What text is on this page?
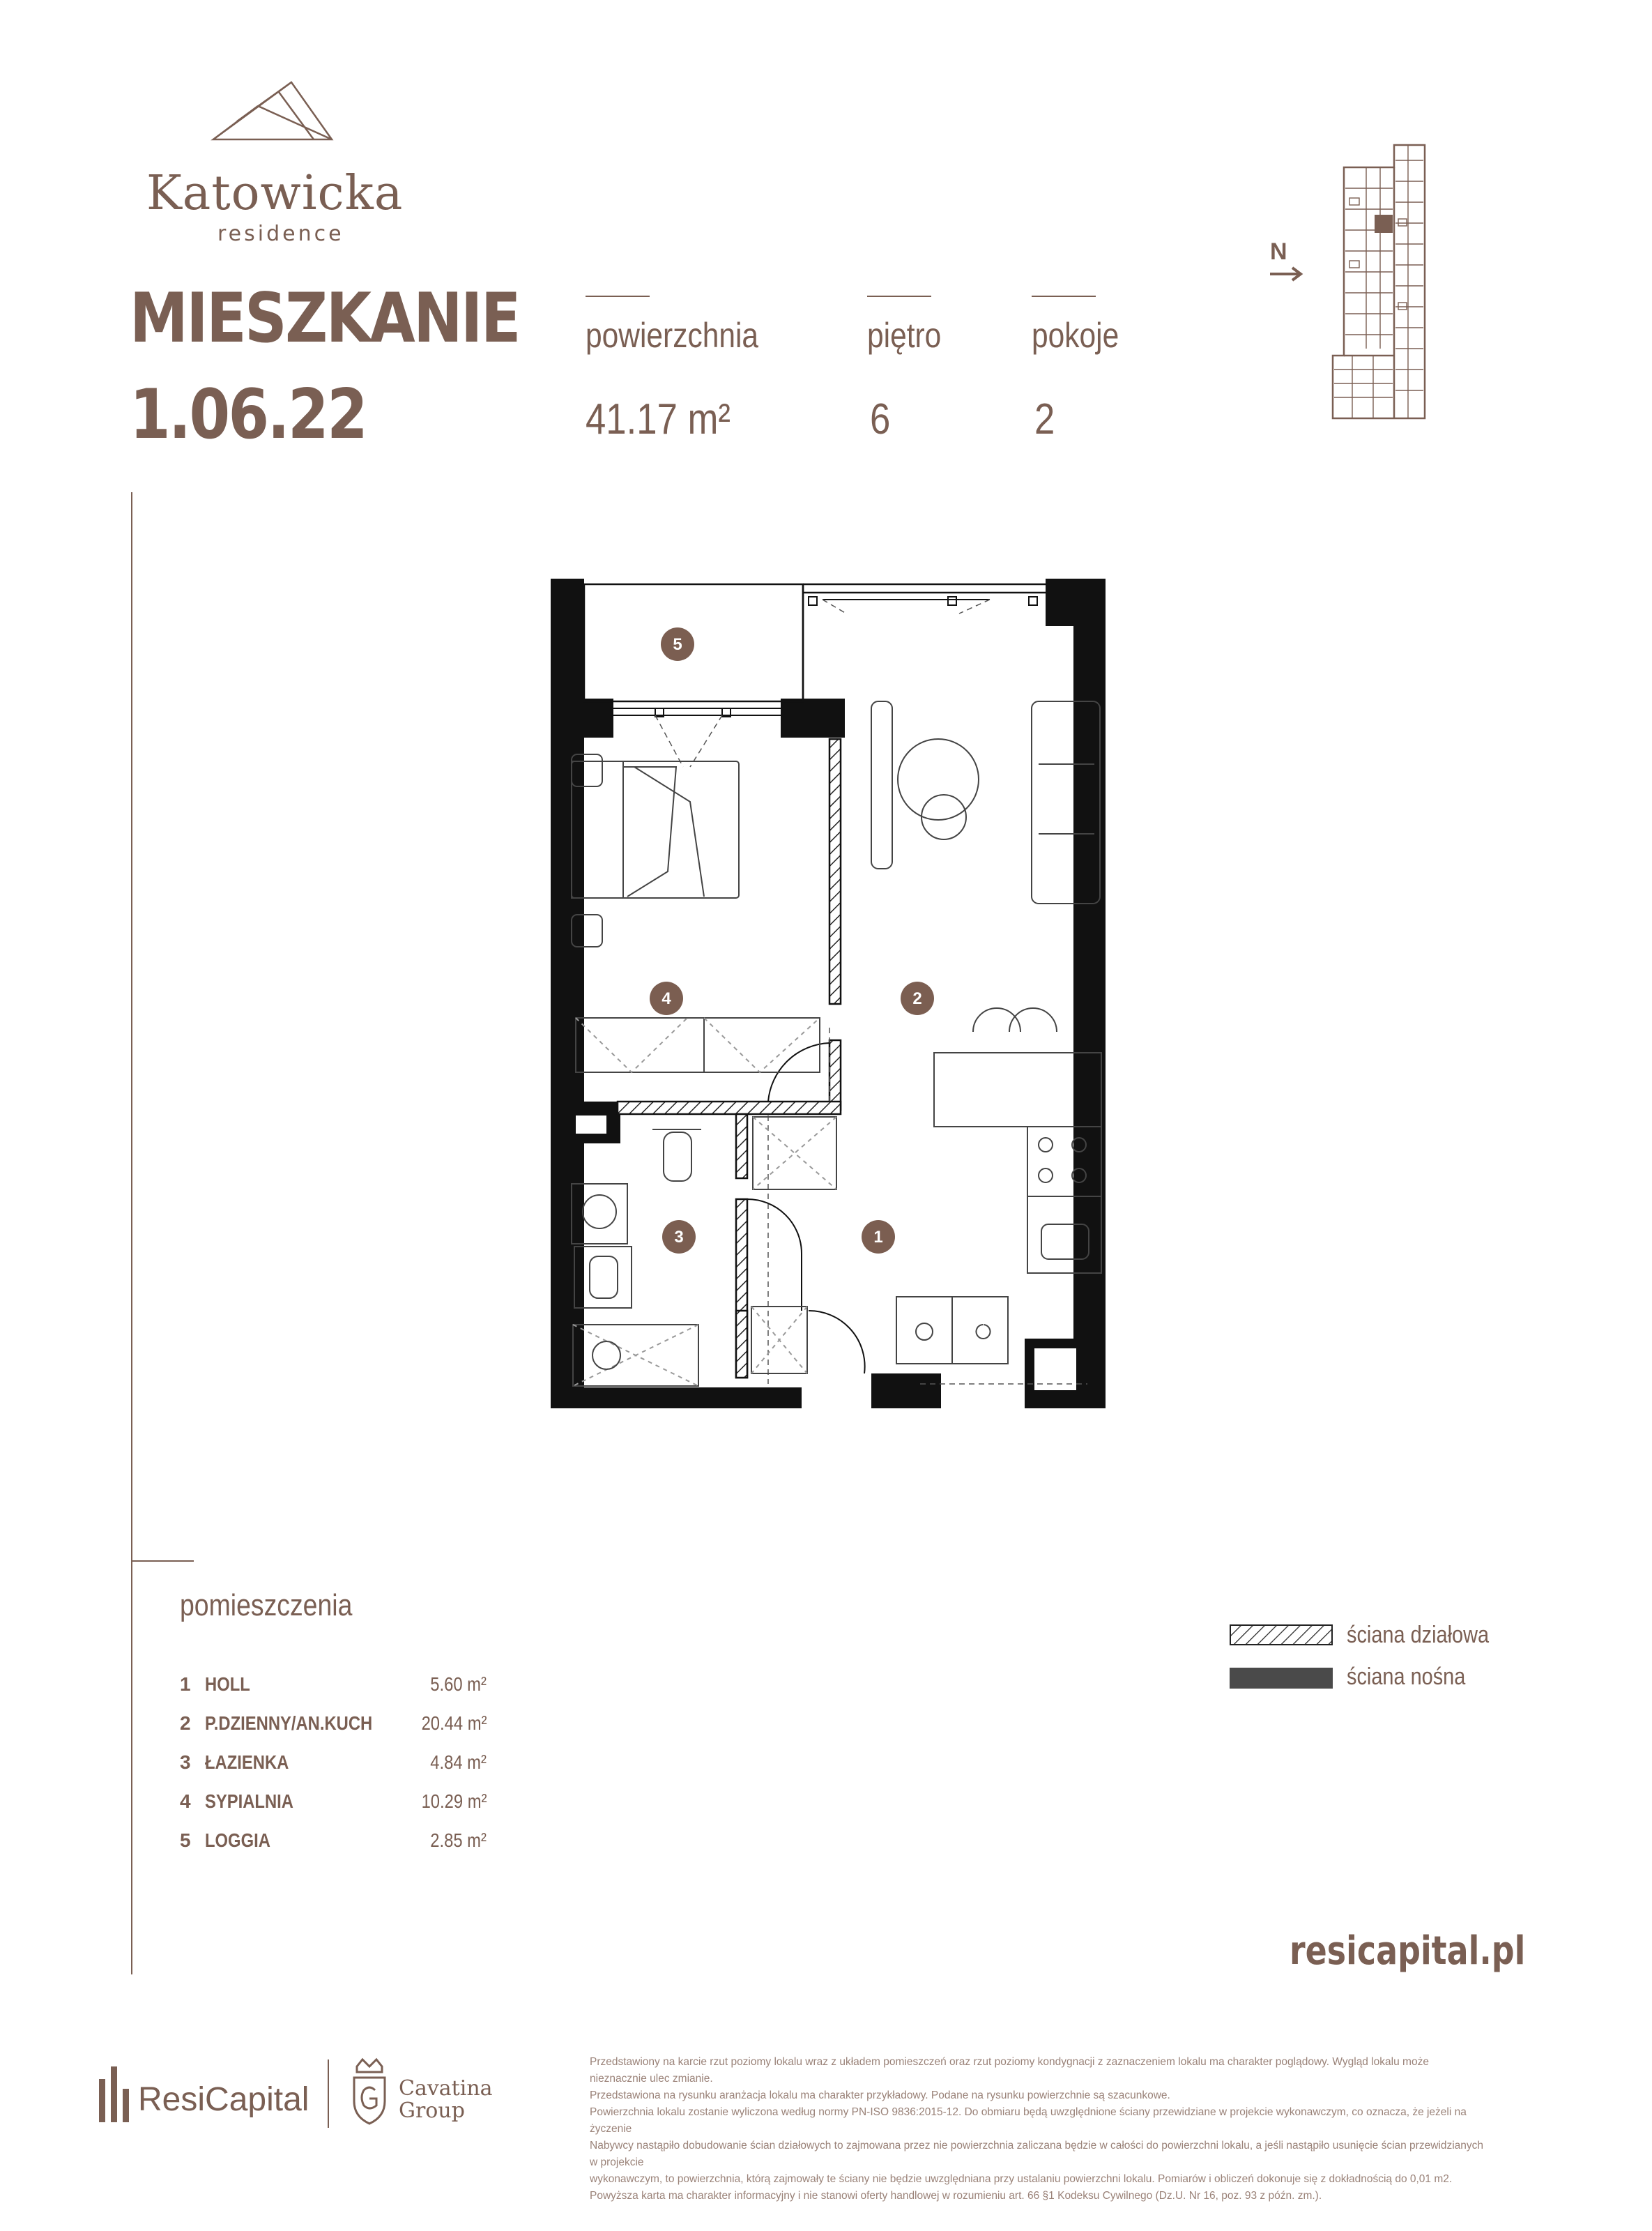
Katowicka
residence
MIESZKANIE
1.06.22
powierzchnia
41.17 m²
piętro
6
pokoje
2
N
5
4	2
3	1
pomieszczenia
1 HOLL	5.60 m²
2 P.DZIENNY/AN.KUCH 20.44 m²
3 ŁAZIENKA	4.84 m²
4 SYPIALNIA	10.29 m²
5 LOGGIA	2.85 m²
ściana działowa
ściana nośna
resicapital.pl
ResiCapital	Cavatina
Group
Przedstawiony na karcie rzut poziomy lokalu wraz z układem pomieszczeń oraz rzut poziomy kondygnacji z zaznaczeniem lokalu ma charakter poglądowy. Wygląd lokalu może nieznacznie ulec zmianie.
Przedstawiona na rysunku aranżacja lokalu ma charakter przykładowy. Podane na rysunku powierzchnie są szacunkowe.
Powierzchnia lokalu zostanie wyliczona według normy PN-ISO 9836:2015-12. Do obmiaru będą uwzględnione ściany przewidziane w projekcie wykonawczym, co oznacza, że jeżeli na życzenie
Nabywcy nastąpiło dobudowanie ścian działowych to zajmowana przez nie powierzchnia zaliczana będzie w całości do powierzchni lokalu, a jeśli nastąpiło usunięcie ścian przewidzianych w projekcie
wykonawczym, to powierzchnia, którą zajmowały te ściany nie będzie uwzględniana przy ustalaniu powierzchni lokalu. Pomiarów i obliczeń dokonuje się z dokładnością do 0,01 m2.
Powyższa karta ma charakter informacyjny i nie stanowi oferty handlowej w rozumieniu art. 66 §1 Kodeksu Cywilnego (Dz.U. Nr 16, poz. 93 z późn. zm.).
